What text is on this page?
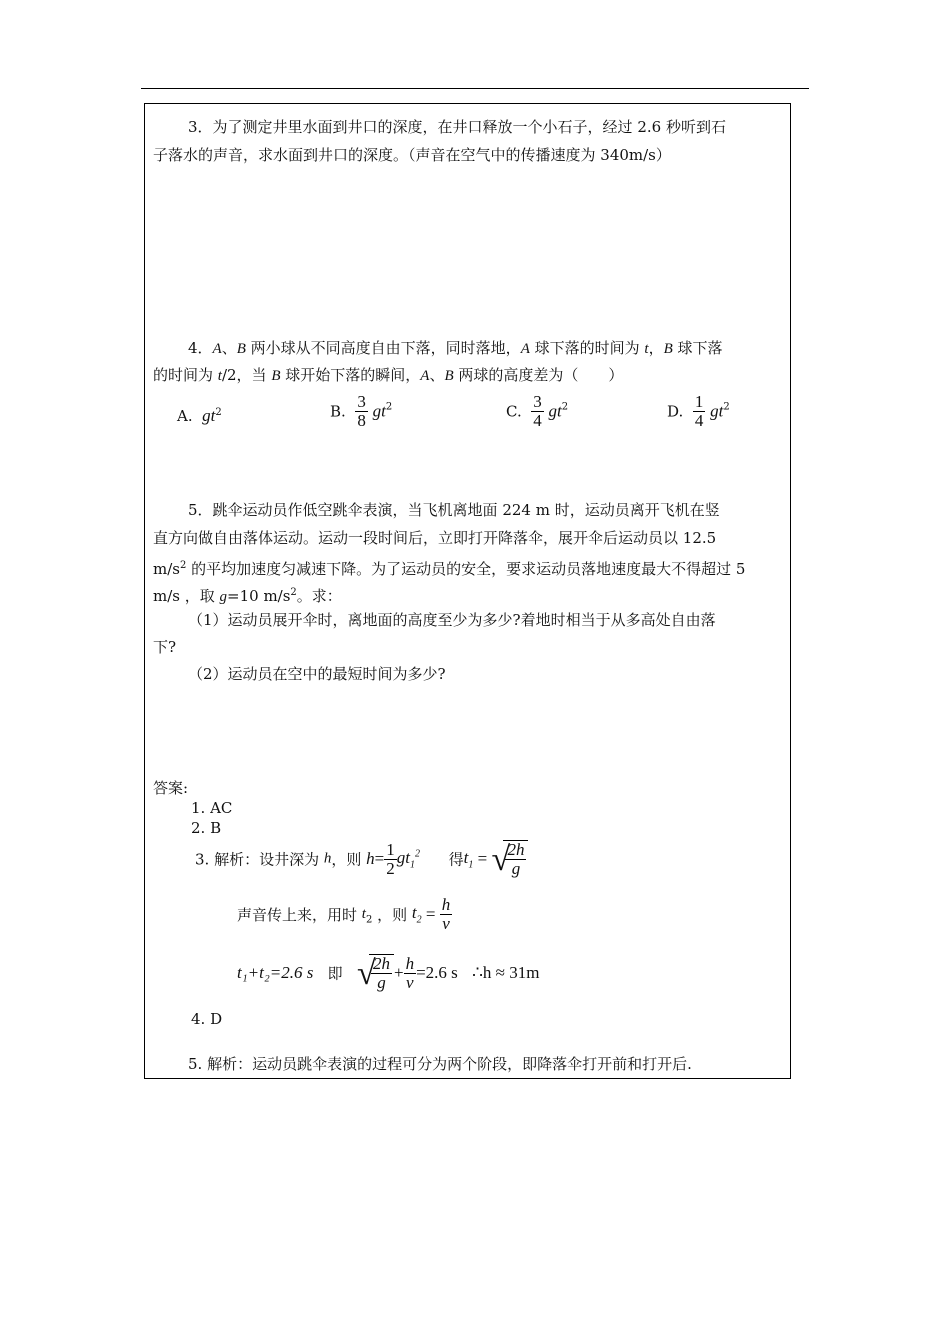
3．为了测定井里水面到井口的深度，在井口释放一个小石子，经过 2.6 秒听到石
子落水的声音，求水面到井口的深度。（声音在空气中的传播速度为 340m/s）
4．A、B 两小球从不同高度自由下落，同时落地，A 球下落的时间为 t，B 球下落
的时间为 t/2，当 B 球开始下落的瞬间，A、B 两球的高度差为（　　）
A. $gt^2$	B. $\frac{3}{8} gt^2$	C. $\frac{3}{4} gt^2$	D. $\frac{1}{4} gt^2$
5．跳伞运动员作低空跳伞表演，当飞机离地面 224 m 时，运动员离开飞机在竖
直方向做自由落体运动。运动一段时间后，立即打开降落伞，展开伞后运动员以 12.5
$m/s^2$ 的平均加速度匀减速下降。为了运动员的安全，要求运动员落地速度最大不得超过 5
m/s ，取 g=10 $m/s^2$。求：
（1）运动员展开伞时，离地面的高度至少为多少?着地时相当于从多高处自由落
下?
（2）运动员在空中的最短时间为多少?
答案:
1. AC
2. B
3. 解析：设井深为 h，则 $h= \frac{1}{2} gt_1^2$ 得$t_1$ = √
$\frac{2h}{g}$
声音传上来，用时 $t_2$ ，则 $t_2 = \frac{h}{v}$
t₁+t₂=2.6 s 即 √
$\frac{2h}{g} + \frac{h}{v} =2.6$ s ∴h ≈ 31m
4. D
5. 解析：运动员跳伞表演的过程可分为两个阶段，即降落伞打开前和打开后.
